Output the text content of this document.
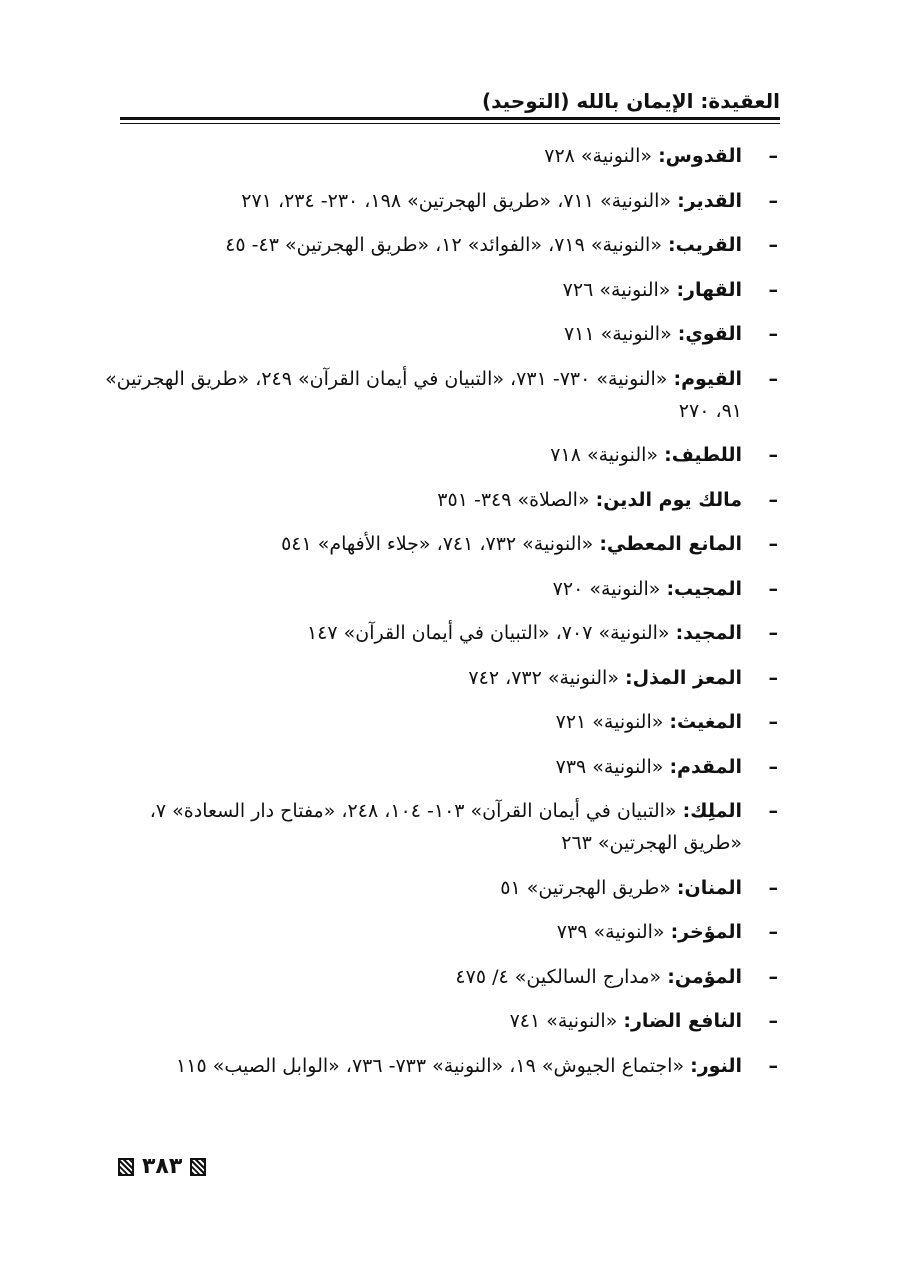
العقيدة: الإيمان بالله (التوحيد)
–
القدوس: «النونية» ٧٢٨
–
القدير: «النونية» ٧١١، «طريق الهجرتين» ١٩٨، ٢٣٠- ٢٣٤، ٢٧١
–
القريب: «النونية» ٧١٩، «الفوائد» ١٢، «طريق الهجرتين» ٤٣- ٤٥
–
القهار: «النونية» ٧٢٦
–
القوي: «النونية» ٧١١
–
القيوم: «النونية» ٧٣٠- ٧٣١، «التبيان في أيمان القرآن» ٢٤٩، «طريق الهجرتين» ٩١، ٢٧٠
–
اللطيف: «النونية» ٧١٨
–
مالك يوم الدين: «الصلاة» ٣٤٩- ٣٥١
–
المانع المعطي: «النونية» ٧٣٢، ٧٤١، «جلاء الأفهام» ٥٤١
–
المجيب: «النونية» ٧٢٠
–
المجيد: «النونية» ٧٠٧، «التبيان في أيمان القرآن» ١٤٧
–
المعز المذل: «النونية» ٧٣٢، ٧٤٢
–
المغيث: «النونية» ٧٢١
–
المقدم: «النونية» ٧٣٩
–
الملِك: «التبيان في أيمان القرآن» ١٠٣- ١٠٤، ٢٤٨، «مفتاح دار السعادة» ٧، «طريق الهجرتين» ٢٦٣
–
المنان: «طريق الهجرتين» ٥١
–
المؤخر: «النونية» ٧٣٩
–
المؤمن: «مدارج السالكين» ٤/ ٤٧٥
–
النافع الضار: «النونية» ٧٤١
–
النور: «اجتماع الجيوش» ١٩، «النونية» ٧٣٣- ٧٣٦، «الوابل الصيب» ١١٥
٣٨٣
